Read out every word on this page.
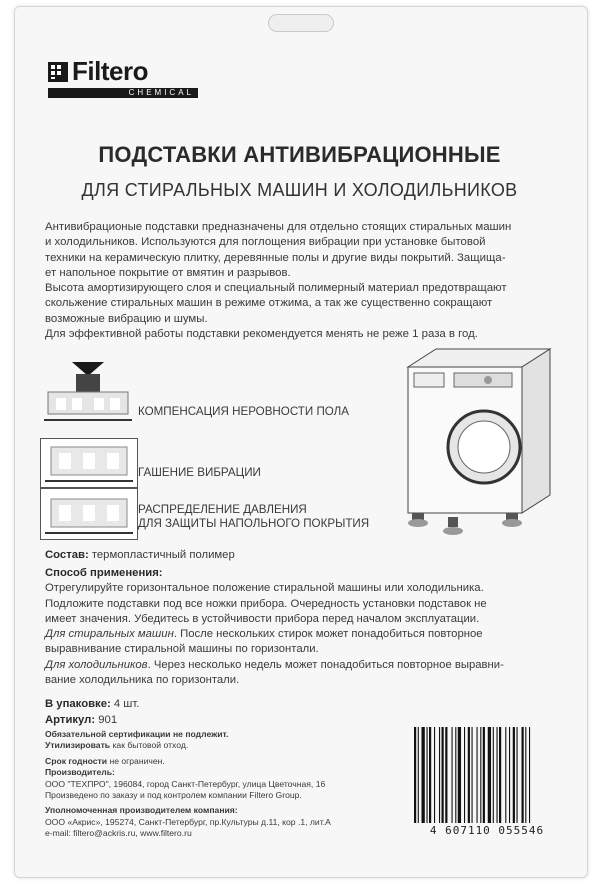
Filtero
CHEMICAL
ПОДСТАВКИ АНТИВИБРАЦИОННЫЕ
ДЛЯ СТИРАЛЬНЫХ МАШИН И ХОЛОДИЛЬНИКОВ

Антивибрационые подставки предназначены для отдельно стоящих стиральных машин

и холодильников. Используются для поглощения вибрации при установке бытовой

техники на керамическую плитку, деревянные полы и другие виды покрытий. Защища-

ет напольное покрытие от вмятин и разрывов.

Высота амортизирующего слоя и специальный полимерный материал предотвращают

скольжение стиральных машин в режиме отжима, а так же существенно сокращают

возможные вибрацию и шумы.

Для эффективной работы подставки рекомендуется менять не реже 1 раза в год.

КОМПЕНСАЦИЯ НЕРОВНОСТИ ПОЛА
ГАШЕНИЕ ВИБРАЦИИ
РАСПРЕДЕЛЕНИЕ ДАВЛЕНИЯ
ДЛЯ ЗАЩИТЫ НАПОЛЬНОГО ПОКРЫТИЯ
Состав: термопластичный полимер
Способ применения:
Отрегулируйте горизонтальное положение стиральной машины или холодильника.
Подложите подставки под все ножки прибора. Очередность установки подставок не
имеет значения. Убедитесь в устойчивости прибора перед началом эксплуатации.
Для стиральных машин. После нескольких стирок может понадобиться повторное
выравнивание стиральной машины по горизонтали.
Для холодильников. Через несколько недель может понадобиться повторное выравни-
вание холодильника по горизонтали.
В упаковке: 4 шт.
Артикул: 901
Обязательной сертификации не подлежит.
Утилизировать как бытовой отход.
Срок годности не ограничен.
Производитель:
ООО "ТЕХПРО", 196084, город Санкт-Петербург, улица Цветочная, 16
Произведено по заказу и под контролем компании Filtero Group.
Уполномоченная производителем компания:
ООО «Акрис», 195274, Санкт-Петербург, пр.Культуры д.11, кор .1, лит.А
e-mail: filtero@ackris.ru, www.filtero.ru	4 607110 055546
